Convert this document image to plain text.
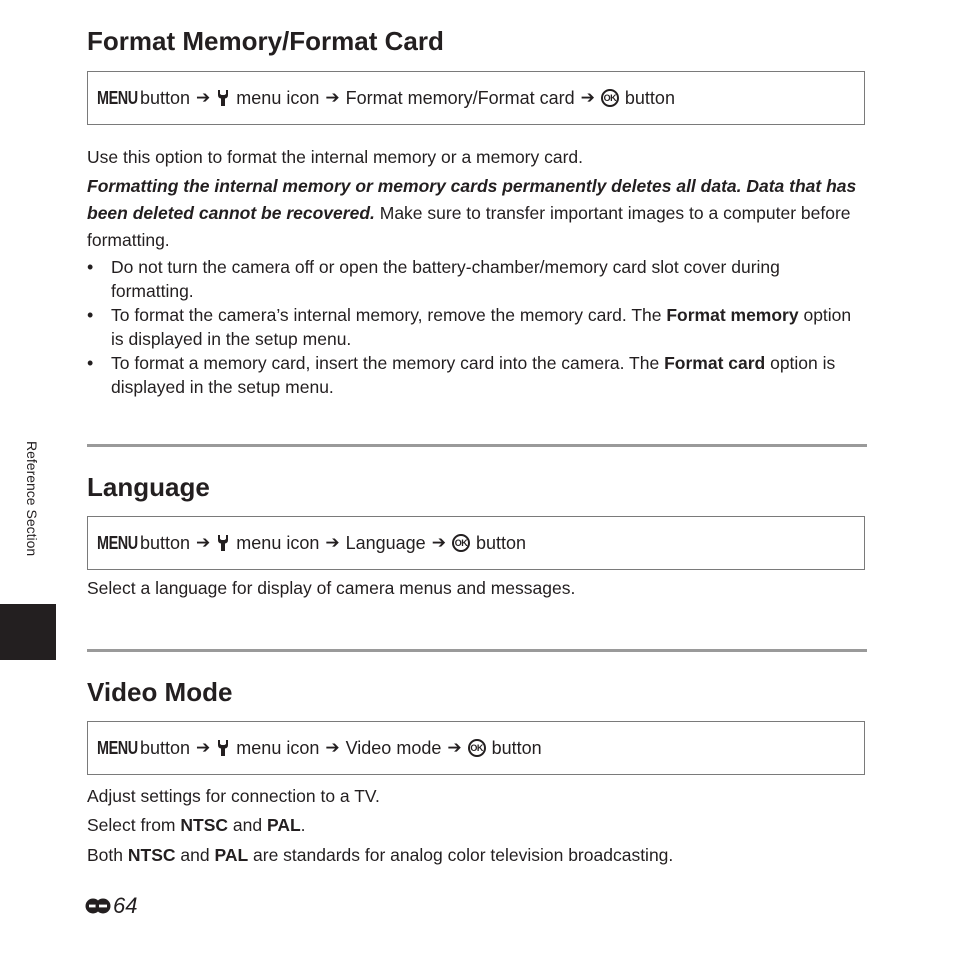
Format Memory/Format Card
MENU button ➔ menu icon ➔ Format memory/Format card ➔ OK button

Use this option to format the internal memory or a memory card.

Formatting the internal memory or memory cards permanently deletes all data. Data that has been deleted cannot be recovered. Make sure to transfer important images to a computer before formatting.

• Do not turn the camera off or open the battery-chamber/memory card slot cover during formatting.
• To format the camera’s internal memory, remove the memory card. The Format memory option is displayed in the setup menu.
• To format a memory card, insert the memory card into the camera. The Format card option is displayed in the setup menu.
Language
MENU button ➔ menu icon ➔ Language ➔ OK button

Select a language for display of camera menus and messages.

Video Mode
MENU button ➔ menu icon ➔ Video mode ➔ OK button

Adjust settings for connection to a TV.

Select from NTSC and PAL.

Both NTSC and PAL are standards for analog color television broadcasting.

Reference Section
64
